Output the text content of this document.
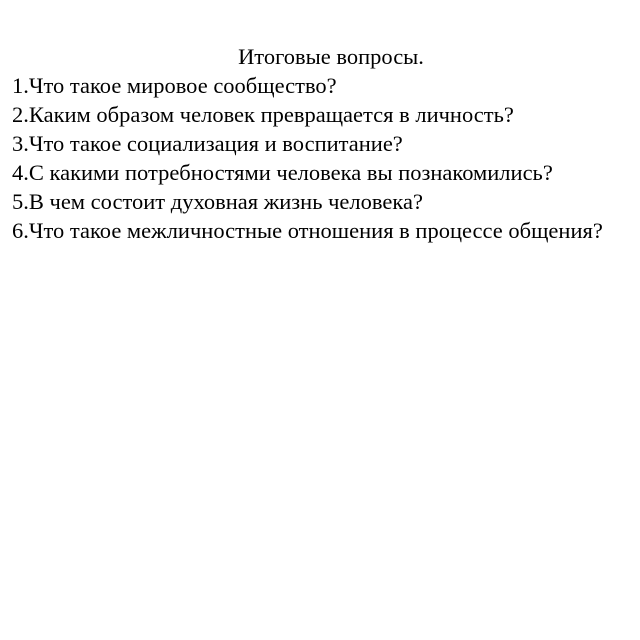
Итоговые вопросы.
1.Что такое мировое сообщество?
2.Каким образом человек превращается в личность?
3.Что такое социализация и воспитание?
4.С какими потребностями человека вы познакомились?
5.В чем состоит духовная жизнь человека?
6.Что такое межличностные отношения в процессе общения?
